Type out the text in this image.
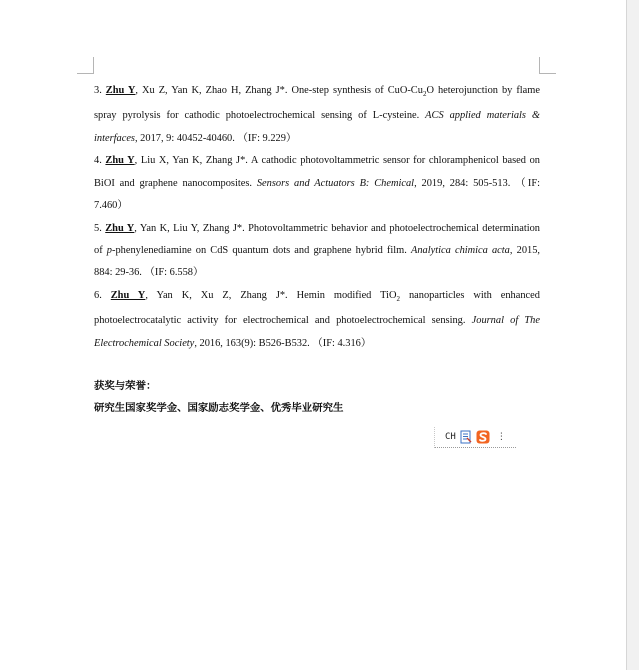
3. Zhu Y, Xu Z, Yan K, Zhao H, Zhang J*. One-step synthesis of CuO-$Cu_2O$ heterojunction by flame spray pyrolysis for cathodic photoelectrochemical sensing of L-cysteine. ACS applied materials & interfaces, 2017, 9: 40452-40460. （IF: 9.229）

4. Zhu Y, Liu X, Yan K, Zhang J*. A cathodic photovoltammetric sensor for chloramphenicol based on BiOI and graphene nanocomposites. Sensors and Actuators B: Chemical, 2019, 284: 505-513. （IF: 7.460）

5. Zhu Y, Yan K, Liu Y, Zhang J*. Photovoltammetric behavior and photoelectrochemical determination of p-phenylenediamine on CdS quantum dots and graphene hybrid film. Analytica chimica acta, 2015, 884: 29-36. （IF: 6.558）

6. Zhu Y, Yan K, Xu Z, Zhang J*. Hemin modified TiO$_2$ nanoparticles with enhanced photoelectrocatalytic activity for electrochemical and photoelectrochemical sensing. Journal of The Electrochemical Society, 2016, 163(9): B526-B532. （IF: 4.316）

获奖与荣誉：

研究生国家奖学金、国家励志奖学金、优秀毕业研究生

CH	⋮
